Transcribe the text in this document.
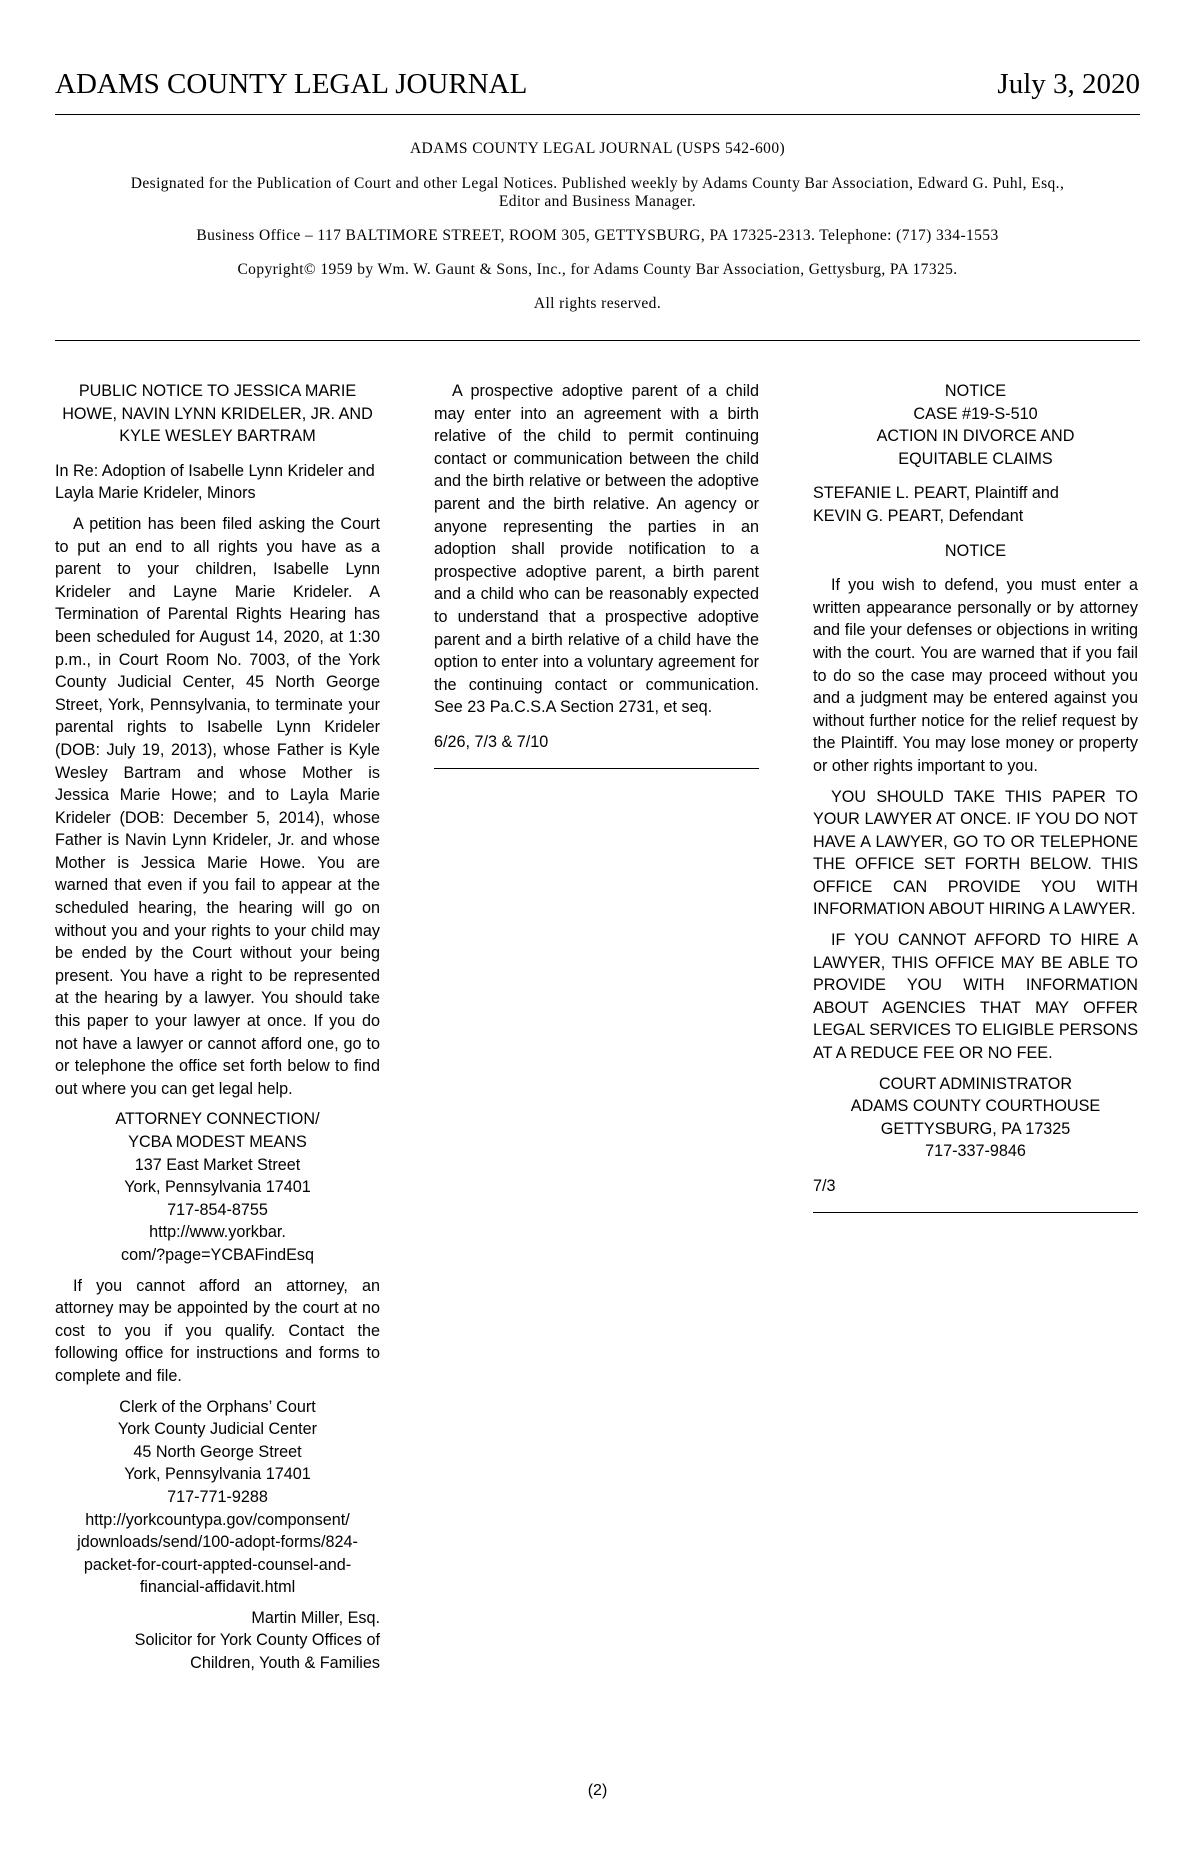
ADAMS COUNTY LEGAL JOURNAL	July 3, 2020

ADAMS COUNTY LEGAL JOURNAL (USPS 542-600)

Designated for the Publication of Court and other Legal Notices. Published weekly by Adams County Bar Association, Edward G. Puhl, Esq., Editor and Business Manager.

Business Office – 117 BALTIMORE STREET, ROOM 305, GETTYSBURG, PA 17325-2313. Telephone: (717) 334-1553

Copyright© 1959 by Wm. W. Gaunt & Sons, Inc., for Adams County Bar Association, Gettysburg, PA 17325.

All rights reserved.

PUBLIC NOTICE TO JESSICA MARIE HOWE, NAVIN LYNN KRIDELER, JR. AND KYLE WESLEY BARTRAM

In Re: Adoption of Isabelle Lynn Krideler and Layla Marie Krideler, Minors

A petition has been filed asking the Court to put an end to all rights you have as a parent to your children, Isabelle Lynn Krideler and Layne Marie Krideler. A Termination of Parental Rights Hearing has been scheduled for August 14, 2020, at 1:30 p.m., in Court Room No. 7003, of the York County Judicial Center, 45 North George Street, York, Pennsylvania, to terminate your parental rights to Isabelle Lynn Krideler (DOB: July 19, 2013), whose Father is Kyle Wesley Bartram and whose Mother is Jessica Marie Howe; and to Layla Marie Krideler (DOB: December 5, 2014), whose Father is Navin Lynn Krideler, Jr. and whose Mother is Jessica Marie Howe. You are warned that even if you fail to appear at the scheduled hearing, the hearing will go on without you and your rights to your child may be ended by the Court without your being present. You have a right to be represented at the hearing by a lawyer. You should take this paper to your lawyer at once. If you do not have a lawyer or cannot afford one, go to or telephone the office set forth below to find out where you can get legal help.

ATTORNEY CONNECTION/

YCBA MODEST MEANS

137 East Market Street

York, Pennsylvania 17401

717-854-8755

http://www.yorkbar.

com/?page=YCBAFindEsq

If you cannot afford an attorney, an attorney may be appointed by the court at no cost to you if you qualify. Contact the following office for instructions and forms to complete and file.

Clerk of the Orphans’ Court

York County Judicial Center

45 North George Street

York, Pennsylvania 17401

717-771-9288

http://yorkcountypa.gov/componsent/

jdownloads/send/100-adopt-forms/824-

packet-for-court-appted-counsel-and-

financial-affidavit.html

Martin Miller, Esq.

Solicitor for York County Offices of

Children, Youth & Families

A prospective adoptive parent of a child may enter into an agreement with a birth relative of the child to permit continuing contact or communication between the child and the birth relative or between the adoptive parent and the birth relative. An agency or anyone representing the parties in an adoption shall provide notification to a prospective adoptive parent, a birth parent and a child who can be reasonably expected to understand that a prospective adoptive parent and a birth relative of a child have the option to enter into a voluntary agreement for the continuing contact or communication. See 23 Pa.C.S.A Section 2731, et seq.

6/26, 7/3 & 7/10

NOTICE

CASE #19-S-510

ACTION IN DIVORCE AND

EQUITABLE CLAIMS

STEFANIE L. PEART, Plaintiff and

KEVIN G. PEART, Defendant

NOTICE

If you wish to defend, you must enter a written appearance personally or by attorney and file your defenses or objections in writing with the court. You are warned that if you fail to do so the case may proceed without you and a judgment may be entered against you without further notice for the relief request by the Plaintiff. You may lose money or property or other rights important to you.

YOU SHOULD TAKE THIS PAPER TO YOUR LAWYER AT ONCE. IF YOU DO NOT HAVE A LAWYER, GO TO OR TELEPHONE THE OFFICE SET FORTH BELOW. THIS OFFICE CAN PROVIDE YOU WITH INFORMATION ABOUT HIRING A LAWYER.

IF YOU CANNOT AFFORD TO HIRE A LAWYER, THIS OFFICE MAY BE ABLE TO PROVIDE YOU WITH INFORMATION ABOUT AGENCIES THAT MAY OFFER LEGAL SERVICES TO ELIGIBLE PERSONS AT A REDUCE FEE OR NO FEE.

COURT ADMINISTRATOR

ADAMS COUNTY COURTHOUSE

GETTYSBURG, PA 17325

717-337-9846

7/3

(2)
